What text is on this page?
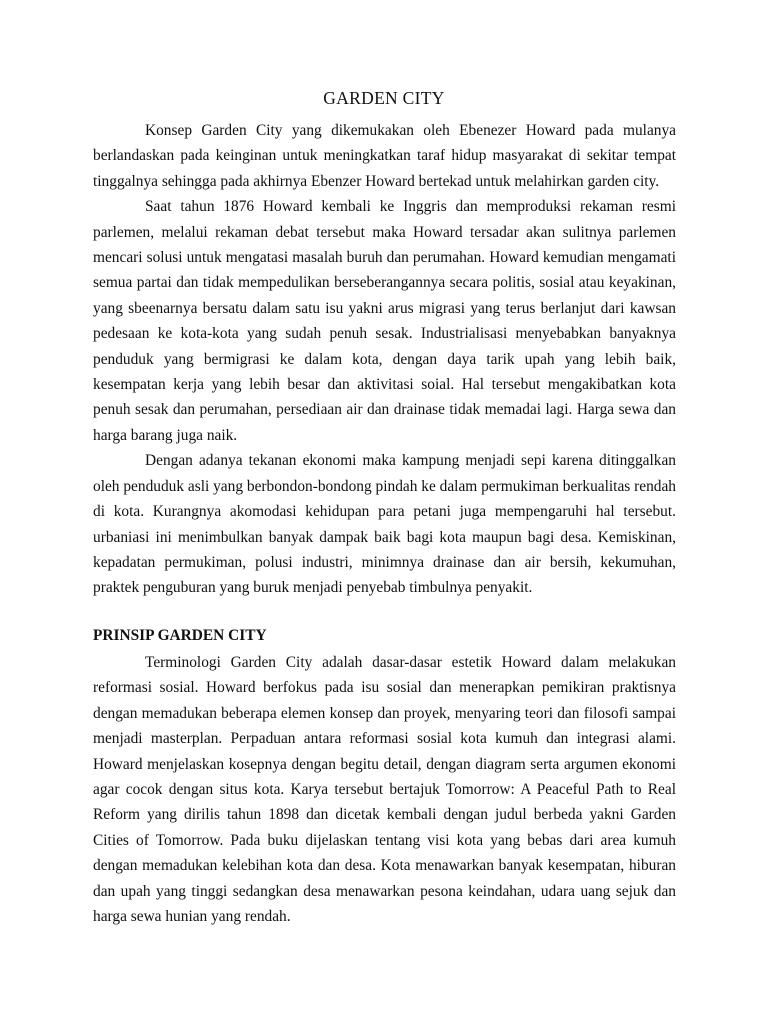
GARDEN CITY

Konsep Garden City yang dikemukakan oleh Ebenezer Howard pada mulanya berlandaskan pada keinginan untuk meningkatkan taraf hidup masyarakat di sekitar tempat tinggalnya sehingga pada akhirnya Ebenzer Howard bertekad untuk melahirkan garden city.

Saat tahun 1876 Howard kembali ke Inggris dan memproduksi rekaman resmi parlemen, melalui rekaman debat tersebut maka Howard tersadar akan sulitnya parlemen mencari solusi untuk mengatasi masalah buruh dan perumahan. Howard kemudian mengamati semua partai dan tidak mempedulikan berseberangannya secara politis, sosial atau keyakinan, yang sbeenarnya bersatu dalam satu isu yakni arus migrasi yang terus berlanjut dari kawsan pedesaan ke kota-kota yang sudah penuh sesak. Industrialisasi menyebabkan banyaknya penduduk yang bermigrasi ke dalam kota, dengan daya tarik upah yang lebih baik, kesempatan kerja yang lebih besar dan aktivitasi soial. Hal tersebut mengakibatkan kota penuh sesak dan perumahan, persediaan air dan drainase tidak memadai lagi. Harga sewa dan harga barang juga naik.

Dengan adanya tekanan ekonomi maka kampung menjadi sepi karena ditinggalkan oleh penduduk asli yang berbondon-bondong pindah ke dalam permukiman berkualitas rendah di kota. Kurangnya akomodasi kehidupan para petani juga mempengaruhi hal tersebut. urbaniasi ini menimbulkan banyak dampak baik bagi kota maupun bagi desa. Kemiskinan, kepadatan permukiman, polusi industri, minimnya drainase dan air bersih, kekumuhan, praktek penguburan yang buruk menjadi penyebab timbulnya penyakit.

PRINSIP GARDEN CITY

Terminologi Garden City adalah dasar-dasar estetik Howard dalam melakukan reformasi sosial. Howard berfokus pada isu sosial dan menerapkan pemikiran praktisnya dengan memadukan beberapa elemen konsep dan proyek, menyaring teori dan filosofi sampai menjadi masterplan. Perpaduan antara reformasi sosial kota kumuh dan integrasi alami. Howard menjelaskan kosepnya dengan begitu detail, dengan diagram serta argumen ekonomi agar cocok dengan situs kota. Karya tersebut bertajuk Tomorrow: A Peaceful Path to Real Reform yang dirilis tahun 1898 dan dicetak kembali dengan judul berbeda yakni Garden Cities of Tomorrow. Pada buku dijelaskan tentang visi kota yang bebas dari area kumuh dengan memadukan kelebihan kota dan desa. Kota menawarkan banyak kesempatan, hiburan dan upah yang tinggi sedangkan desa menawarkan pesona keindahan, udara uang sejuk dan harga sewa hunian yang rendah.
